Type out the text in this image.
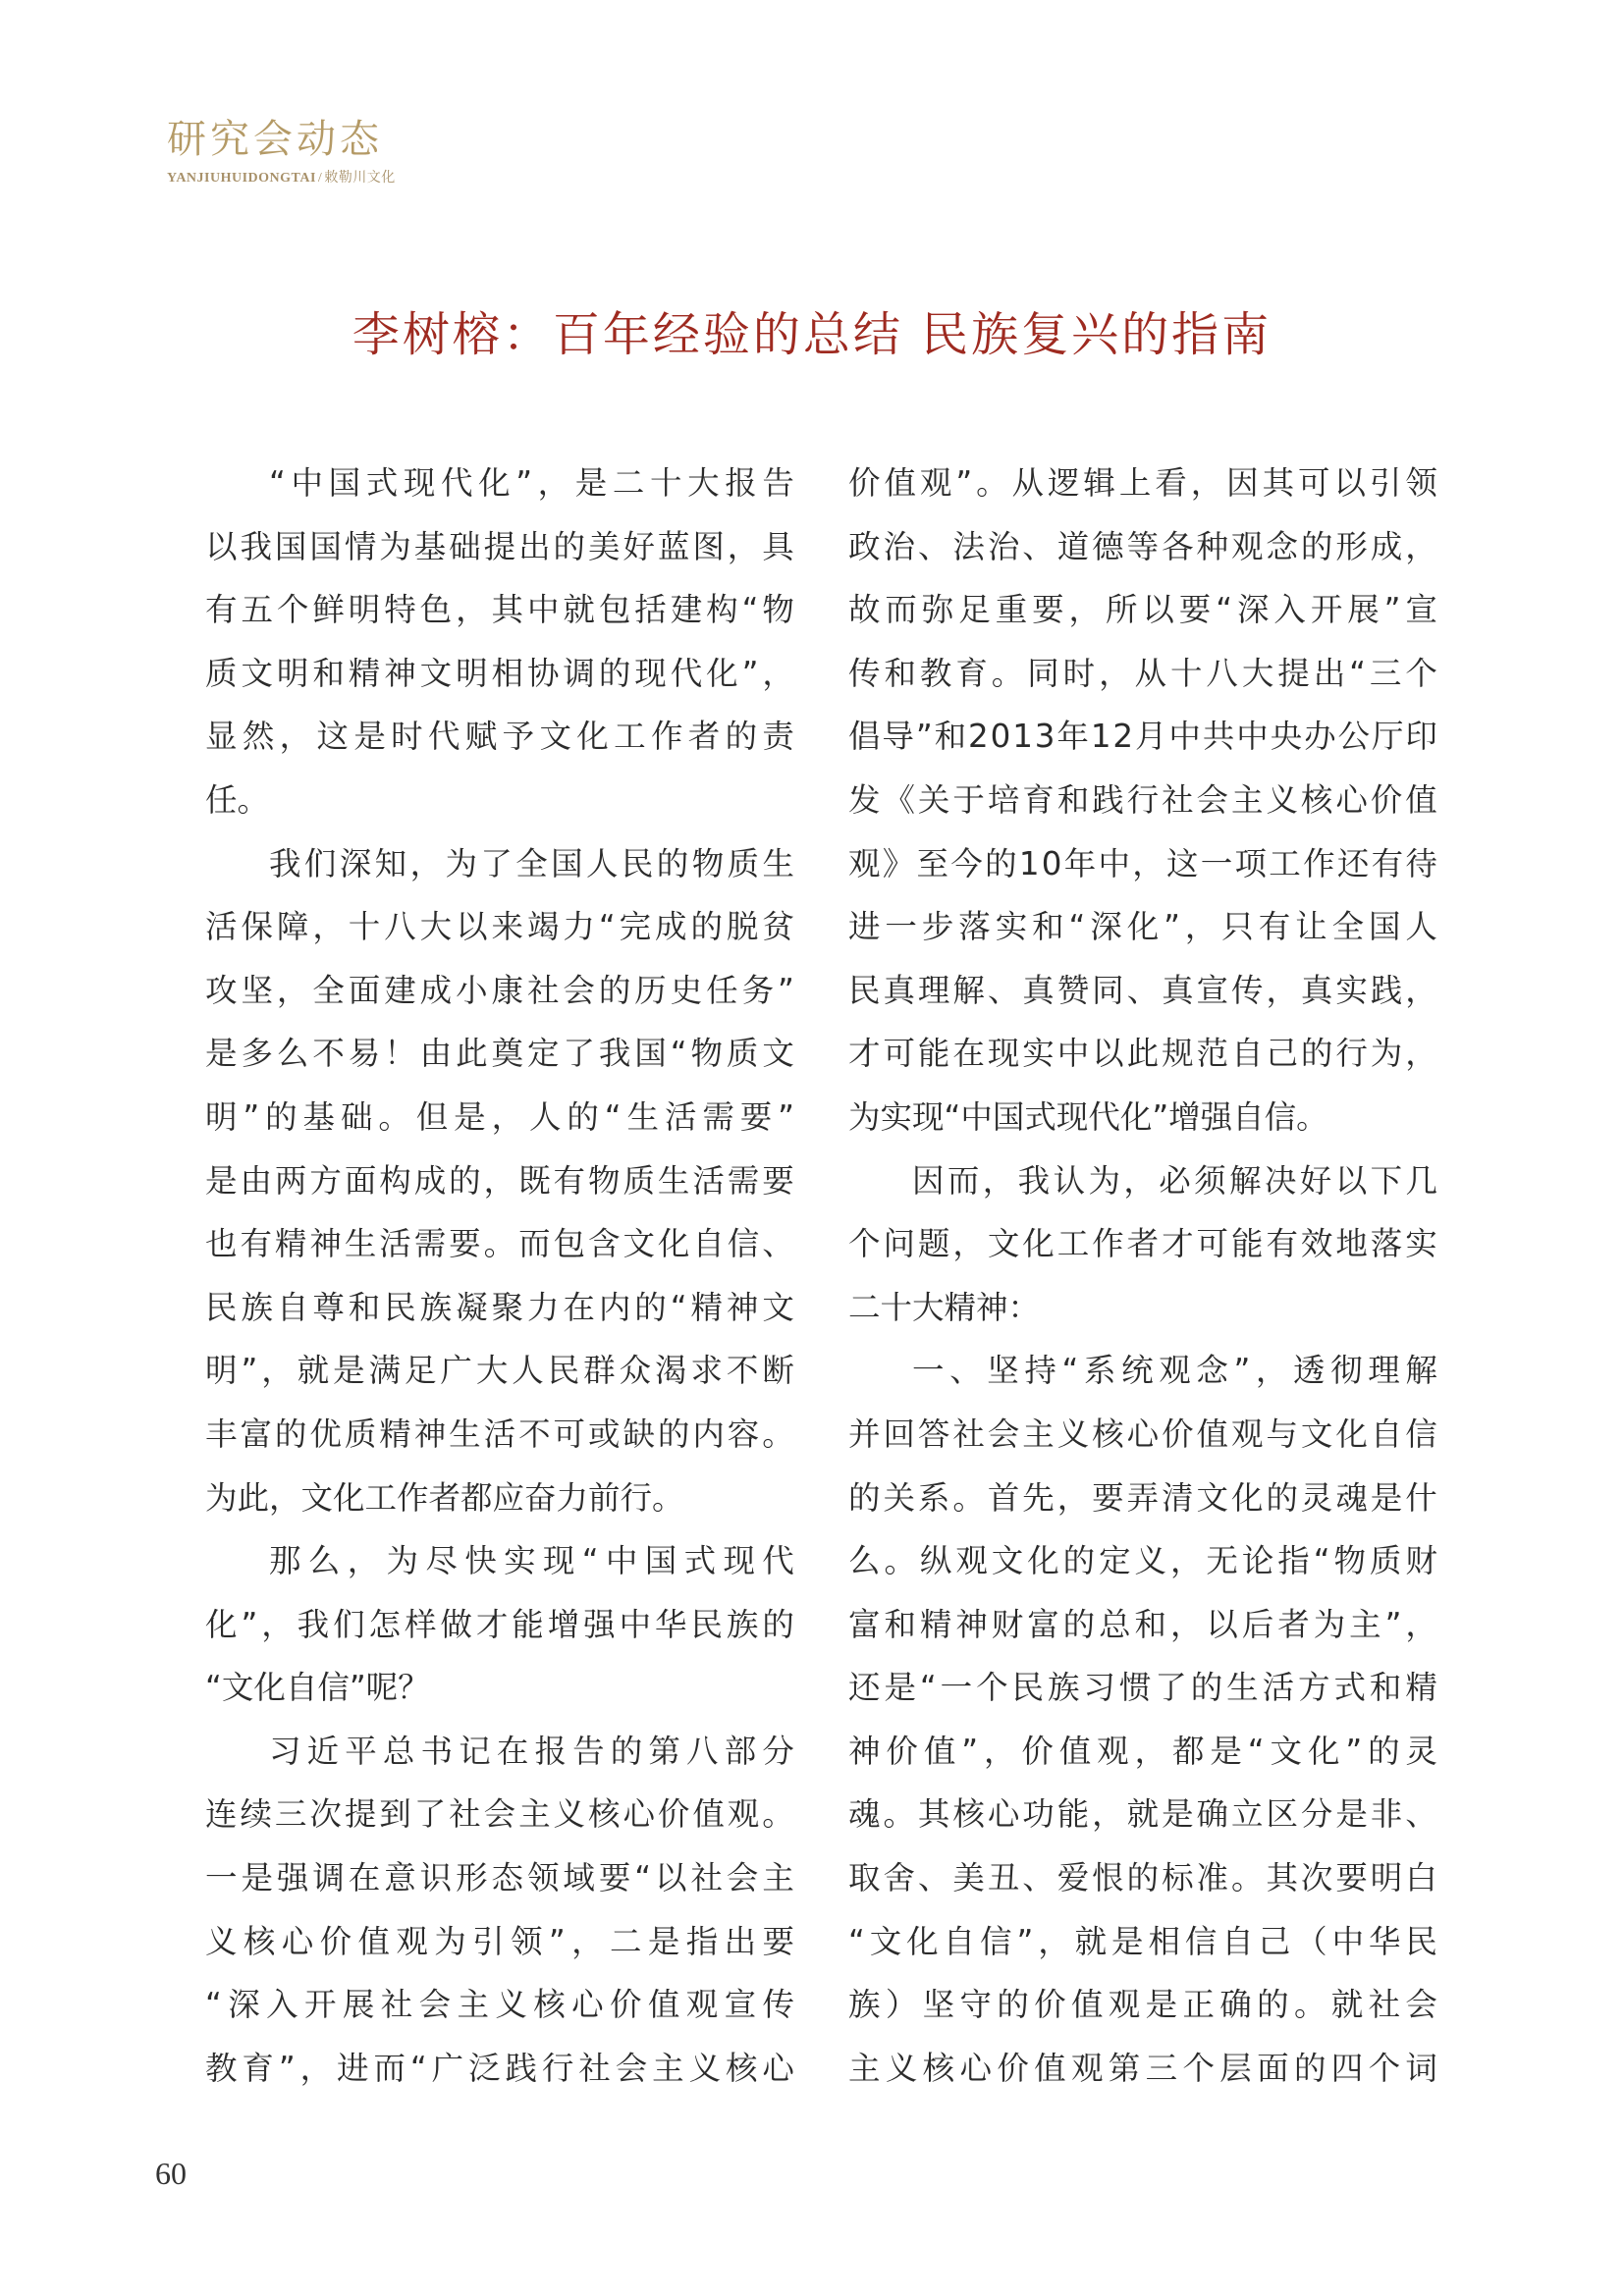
研究会动态
YANJIUHUIDONGTAI / 敕勒川文化
李树榕：百年经验的总结 民族复兴的指南
“ 中 国 式 现 代 化 ” ， 是 二 十 大 报 告
以 我 国 国 情 为 基 础 提 出 的 美 好 蓝 图 ， 具
有 五 个 鲜 明 特 色 ， 其 中 就 包 括 建 构 “ 物
质 文 明 和 精 神 文 明 相 协 调 的 现 代 化 ” ，
显 然 ， 这 是 时 代 赋 予 文 化 工 作 者 的 责
任。
我 们 深 知 ， 为 了 全 国 人 民 的 物 质 生
活 保 障 ， 十 八 大 以 来 竭 力 “ 完 成 的 脱 贫
攻 坚 ， 全 面 建 成 小 康 社 会 的 历 史 任 务 ”
是 多 么 不 易 ！ 由 此 奠 定 了 我 国 “ 物 质 文
明 ” 的 基 础 。 但 是 ， 人 的 “ 生 活 需 要 ”
是 由 两 方 面 构 成 的 ， 既 有 物 质 生 活 需 要
也 有 精 神 生 活 需 要 。 而 包 含 文 化 自 信 、
民 族 自 尊 和 民 族 凝 聚 力 在 内 的 “ 精 神 文
明 ” ， 就 是 满 足 广 大 人 民 群 众 渴 求 不 断
丰 富 的 优 质 精 神 生 活 不 可 或 缺 的 内 容 。
为此，文化工作者都应奋力前行。
那 么 ， 为 尽 快 实 现 “ 中 国 式 现 代
化 ” ， 我 们 怎 样 做 才 能 增 强 中 华 民 族 的
“文化自信”呢？
习 近 平 总 书 记 在 报 告 的 第 八 部 分
连 续 三 次 提 到 了 社 会 主 义 核 心 价 值 观 。
一 是 强 调 在 意 识 形 态 领 域 要 “ 以 社 会 主
义 核 心 价 值 观 为 引 领 ” ， 二 是 指 出 要
“ 深 入 开 展 社 会 主 义 核 心 价 值 观 宣 传
教 育 ” ， 进 而 “ 广 泛 践 行 社 会 主 义 核 心
价 值 观 ” 。 从 逻 辑 上 看 ， 因 其 可 以 引 领
政 治 、 法 治 、 道 德 等 各 种 观 念 的 形 成 ，
故 而 弥 足 重 要 ， 所 以 要 “ 深 入 开 展 ” 宣
传 和 教 育 。 同 时 ， 从 十 八 大 提 出 “ 三 个
倡 导 ” 和 2 0 1 3 年 1 2 月 中 共 中 央 办 公 厅 印
发 《 关 于 培 育 和 践 行 社 会 主 义 核 心 价 值
观 》 至 今 的 1 0 年 中 ， 这 一 项 工 作 还 有 待
进 一 步 落 实 和 “ 深 化 ” ， 只 有 让 全 国 人
民 真 理 解 、 真 赞 同 、 真 宣 传 ， 真 实 践 ，
才 可 能 在 现 实 中 以 此 规 范 自 己 的 行 为 ，
为实现“中国式现代化”增强自信。
因 而 ， 我 认 为 ， 必 须 解 决 好 以 下 几
个 问 题 ， 文 化 工 作 者 才 可 能 有 效 地 落 实
二十大精神：
一 、 坚 持 “ 系 统 观 念 ” ， 透 彻 理 解
并 回 答 社 会 主 义 核 心 价 值 观 与 文 化 自 信
的 关 系 。 首 先 ， 要 弄 清 文 化 的 灵 魂 是 什
么 。 纵 观 文 化 的 定 义 ， 无 论 指 “ 物 质 财
富 和 精 神 财 富 的 总 和 ， 以 后 者 为 主 ” ，
还 是 “ 一 个 民 族 习 惯 了 的 生 活 方 式 和 精
神 价 值 ” ， 价 值 观 ， 都 是 “ 文 化 ” 的 灵
魂 。 其 核 心 功 能 ， 就 是 确 立 区 分 是 非 、
取 舍 、 美 丑 、 爱 恨 的 标 准 。 其 次 要 明 白
“ 文 化 自 信 ” ， 就 是 相 信 自 己 （ 中 华 民
族 ） 坚 守 的 价 值 观 是 正 确 的 。 就 社 会
主 义 核 心 价 值 观 第 三 个 层 面 的 四 个 词
60
